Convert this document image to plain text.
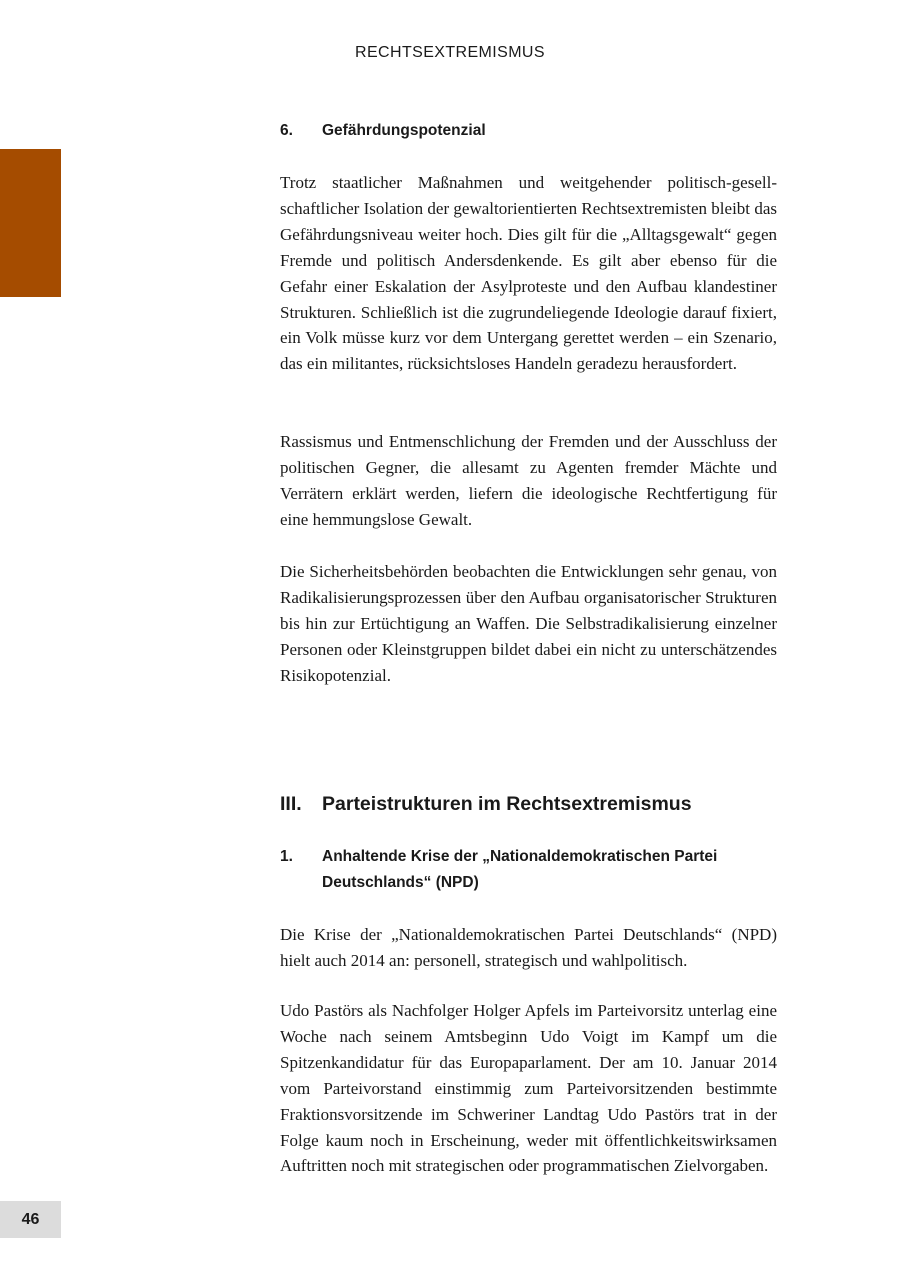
RECHTSEXTREMISMUS
46
6.	Gefährdungspotenzial

Trotz staatlicher Maßnahmen und weitgehender politisch-gesellschaftlicher Isolation der gewaltorientierten Rechtsextremisten bleibt das Gefährdungsniveau weiter hoch. Dies gilt für die „Alltagsgewalt“ gegen Fremde und politisch Andersdenkende. Es gilt aber ebenso für die Gefahr einer Eskalation der Asylproteste und den Aufbau klandestiner Strukturen. Schließlich ist die zugrundeliegende Ideologie darauf fixiert, ein Volk müsse kurz vor dem Untergang gerettet werden – ein Szenario, das ein militantes, rücksichtsloses Handeln geradezu herausfordert.

Rassismus und Entmenschlichung der Fremden und der Ausschluss der politischen Gegner, die allesamt zu Agenten fremder Mächte und Verrätern erklärt werden, liefern die ideologische Rechtfertigung für eine hemmungslose Gewalt.

Die Sicherheitsbehörden beobachten die Entwicklungen sehr genau, von Radikalisierungsprozessen über den Aufbau organisatorischer Strukturen bis hin zur Ertüchtigung an Waffen. Die Selbstradikalisierung einzelner Personen oder Kleinstgruppen bildet dabei ein nicht zu unterschätzendes Risikopotenzial.

III.	Parteistrukturen im Rechtsextremismus
1.	Anhaltende Krise der „Nationaldemokratischen Partei Deutschlands“ (NPD)

Die Krise der „Nationaldemokratischen Partei Deutschlands“ (NPD) hielt auch 2014 an: personell, strategisch und wahlpolitisch.

Udo Pastörs als Nachfolger Holger Apfels im Parteivorsitz unterlag eine Woche nach seinem Amtsbeginn Udo Voigt im Kampf um die Spitzenkandidatur für das Europaparlament. Der am 10. Januar 2014 vom Parteivorstand einstimmig zum Parteivorsitzenden bestimmte Fraktionsvorsitzende im Schweriner Landtag Udo Pastörs trat in der Folge kaum noch in Erscheinung, weder mit öffentlichkeitswirksamen Auftritten noch mit strategischen oder programmatischen Zielvorgaben.
